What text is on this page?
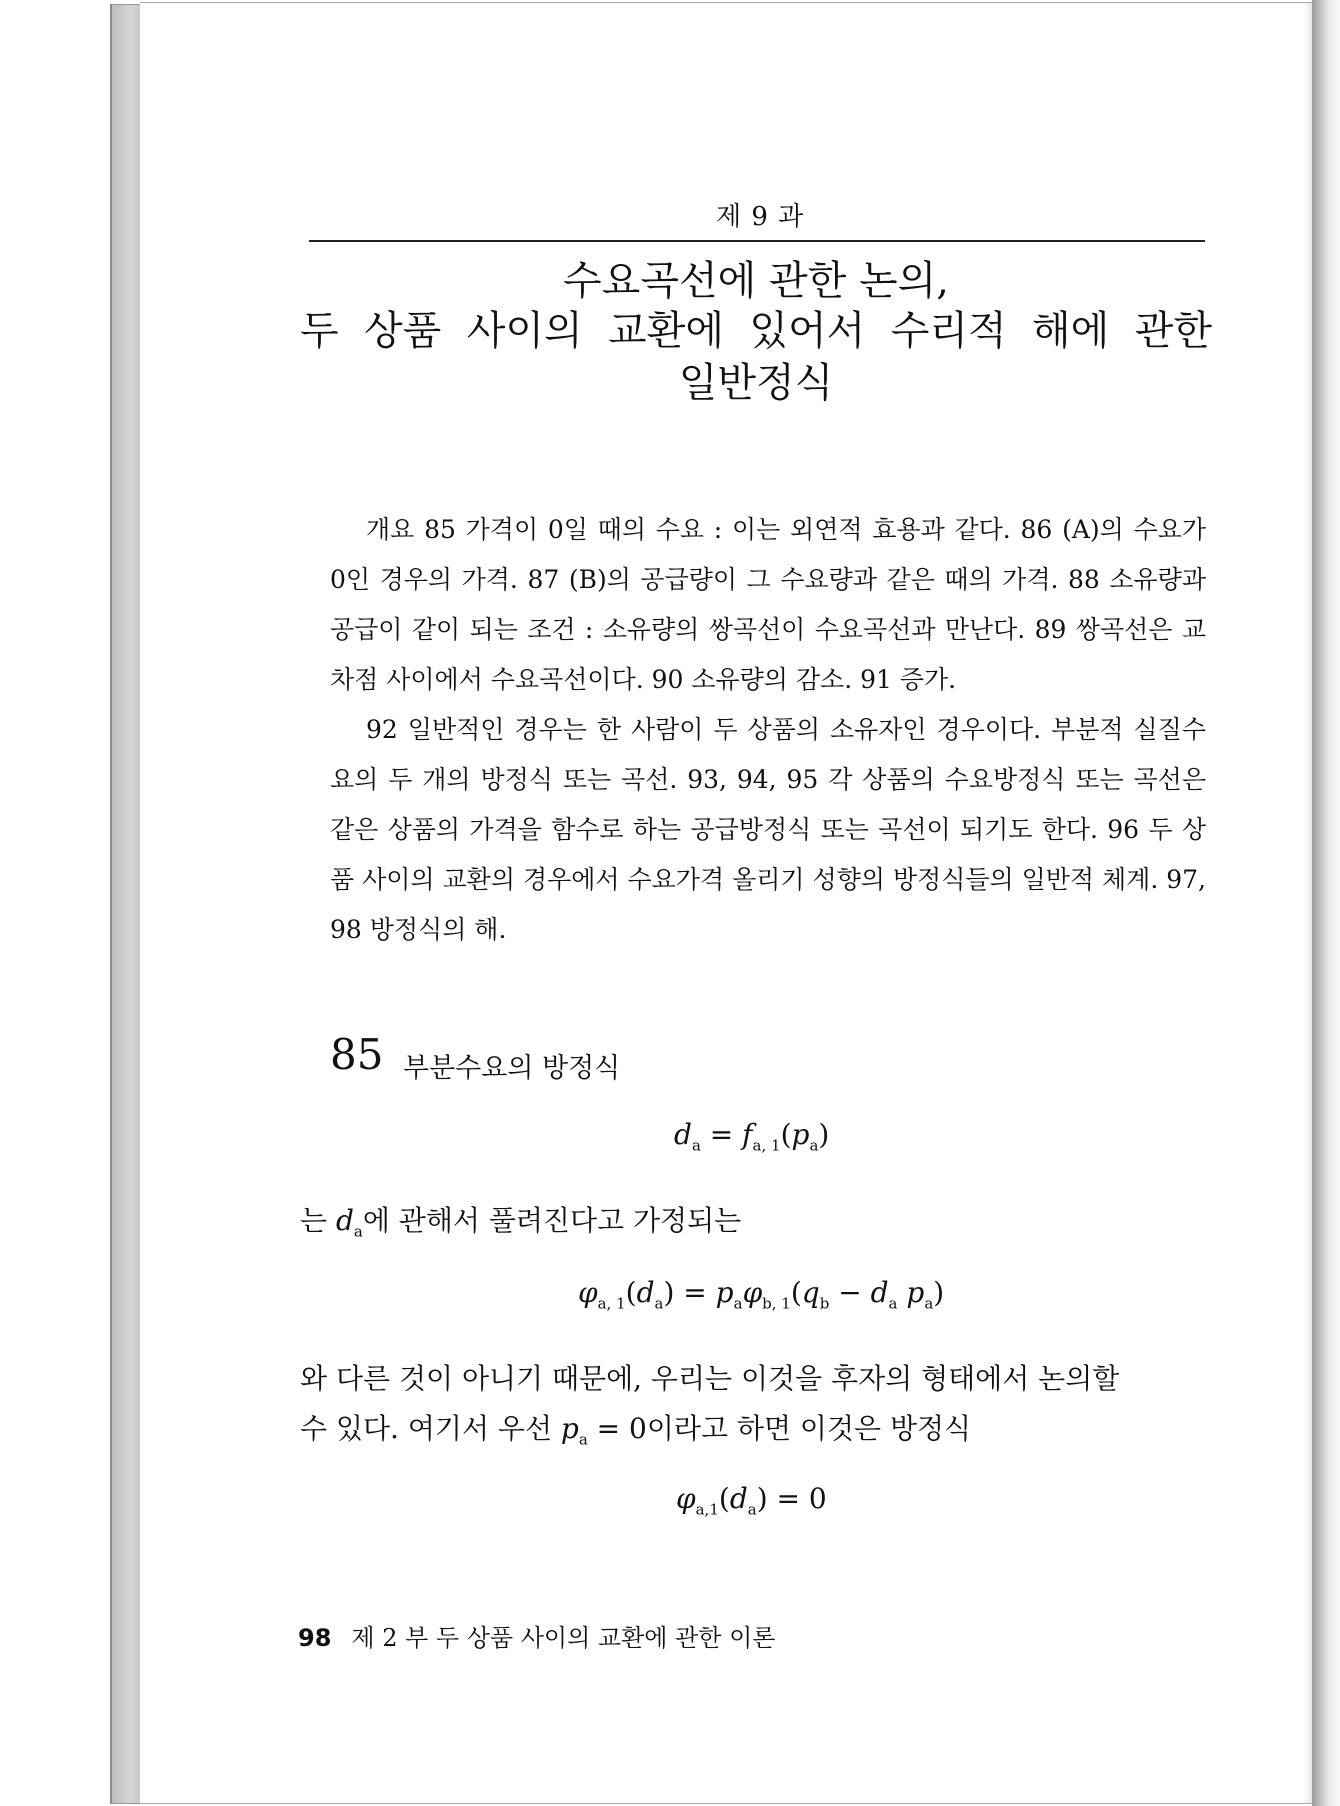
제 9 과
수요곡선에 관한 논의,
두 상품 사이의 교환에 있어서 수리적 해에 관한
일반정식

개요 85 가격이 0일 때의 수요 : 이는 외연적 효용과 같다. 86 (A)의 수요가 0인 경우의 가격. 87 (B)의 공급량이 그 수요량과 같은 때의 가격. 88 소유량과 공급이 같이 되는 조건 : 소유량의 쌍곡선이 수요곡선과 만난다. 89 쌍곡선은 교차점 사이에서 수요곡선이다. 90 소유량의 감소. 91 증가.

92 일반적인 경우는 한 사람이 두 상품의 소유자인 경우이다. 부분적 실질수요의 두 개의 방정식 또는 곡선. 93, 94, 95 각 상품의 수요방정식 또는 곡선은 같은 상품의 가격을 함수로 하는 공급방정식 또는 곡선이 되기도 한다. 96 두 상품 사이의 교환의 경우에서 수요가격 올리기 성향의 방정식들의 일반적 체계. 97, 98 방정식의 해.

85 부분수요의 방정식
$d_a = f_{a, 1}(p_a)$

는 $d_a$에 관해서 풀려진다고 가정되는

$\varphi_{a, 1}(d_a) = p_a\varphi_{b, 1}(q_b - d_a$ $p_a$)

와 다른 것이 아니기 때문에, 우리는 이것을 후자의 형태에서 논의할

수 있다. 여기서 우선 $p_a = 0$이라고 하면 이것은 방정식

$\varphi_{a,1}(d_a) = 0$
98 제 2 부 두 상품 사이의 교환에 관한 이론
